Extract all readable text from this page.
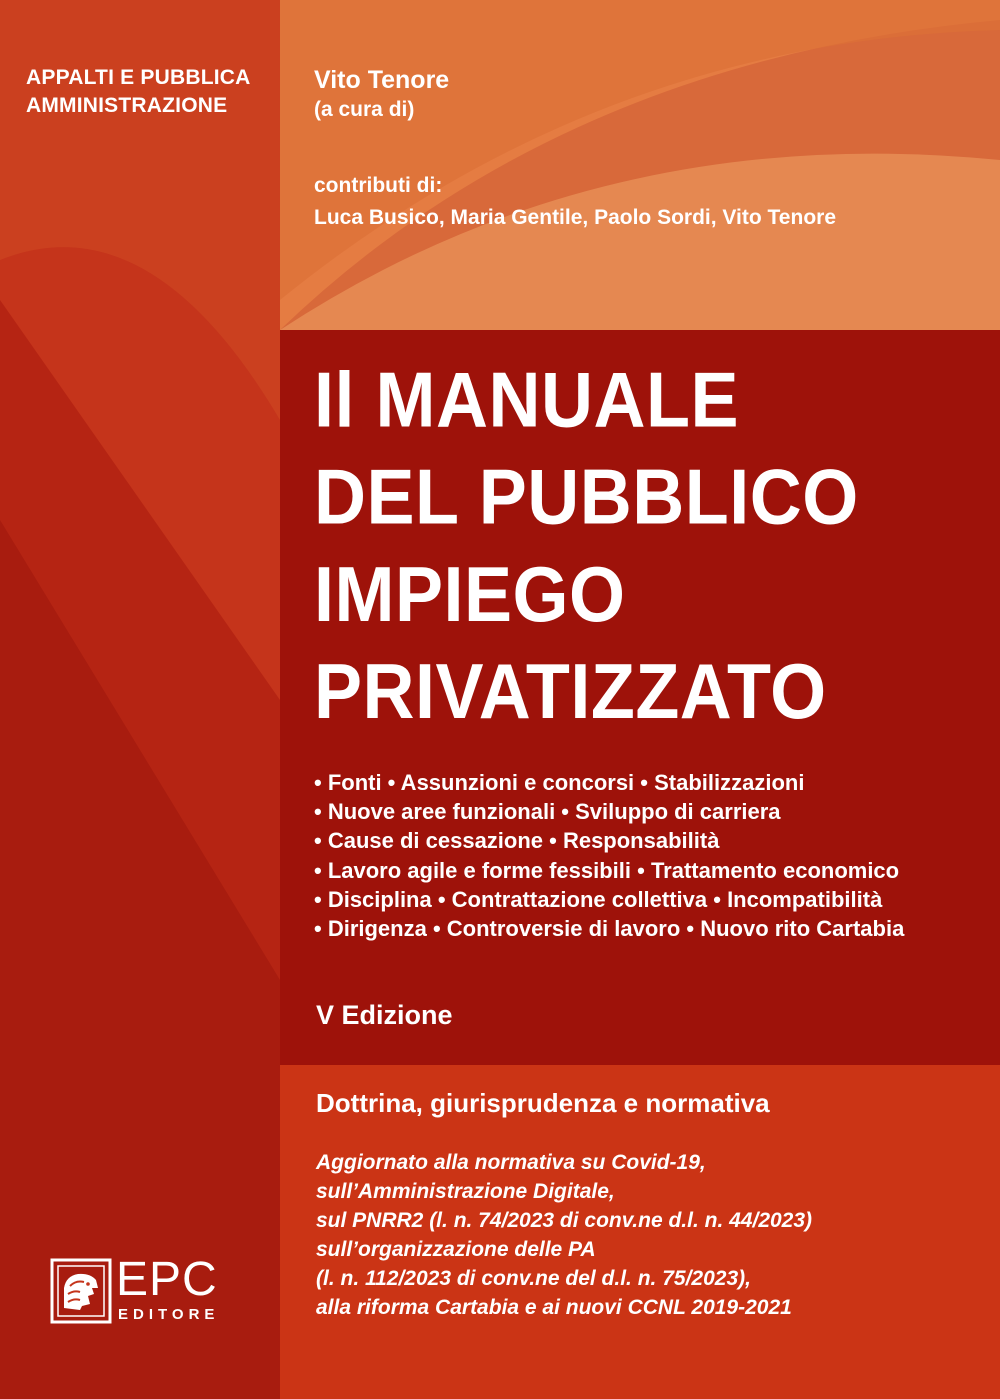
APPALTI E PUBBLICA
AMMINISTRAZIONE
Vito Tenore
(a cura di)
contributi di:
Luca Busico, Maria Gentile, Paolo Sordi, Vito Tenore
Il MANUALE
DEL PUBBLICO
IMPIEGO
PRIVATIZZATO
• Fonti • Assunzioni e concorsi • Stabilizzazioni
• Nuove aree funzionali • Sviluppo di carriera
• Cause di cessazione • Responsabilità
• Lavoro agile e forme fessibili • Trattamento economico
• Disciplina • Contrattazione collettiva • Incompatibilità
• Dirigenza • Controversie di lavoro • Nuovo rito Cartabia
V Edizione
Dottrina, giurisprudenza e normativa
Aggiornato alla normativa su Covid-19,
sull’Amministrazione Digitale,
sul PNRR2 (l. n. 74/2023 di conv.ne d.l. n. 44/2023)
sull’organizzazione delle PA
(l. n. 112/2023 di conv.ne del d.l. n. 75/2023),
alla riforma Cartabia e ai nuovi CCNL 2019-2021
EPC
EDITORE
